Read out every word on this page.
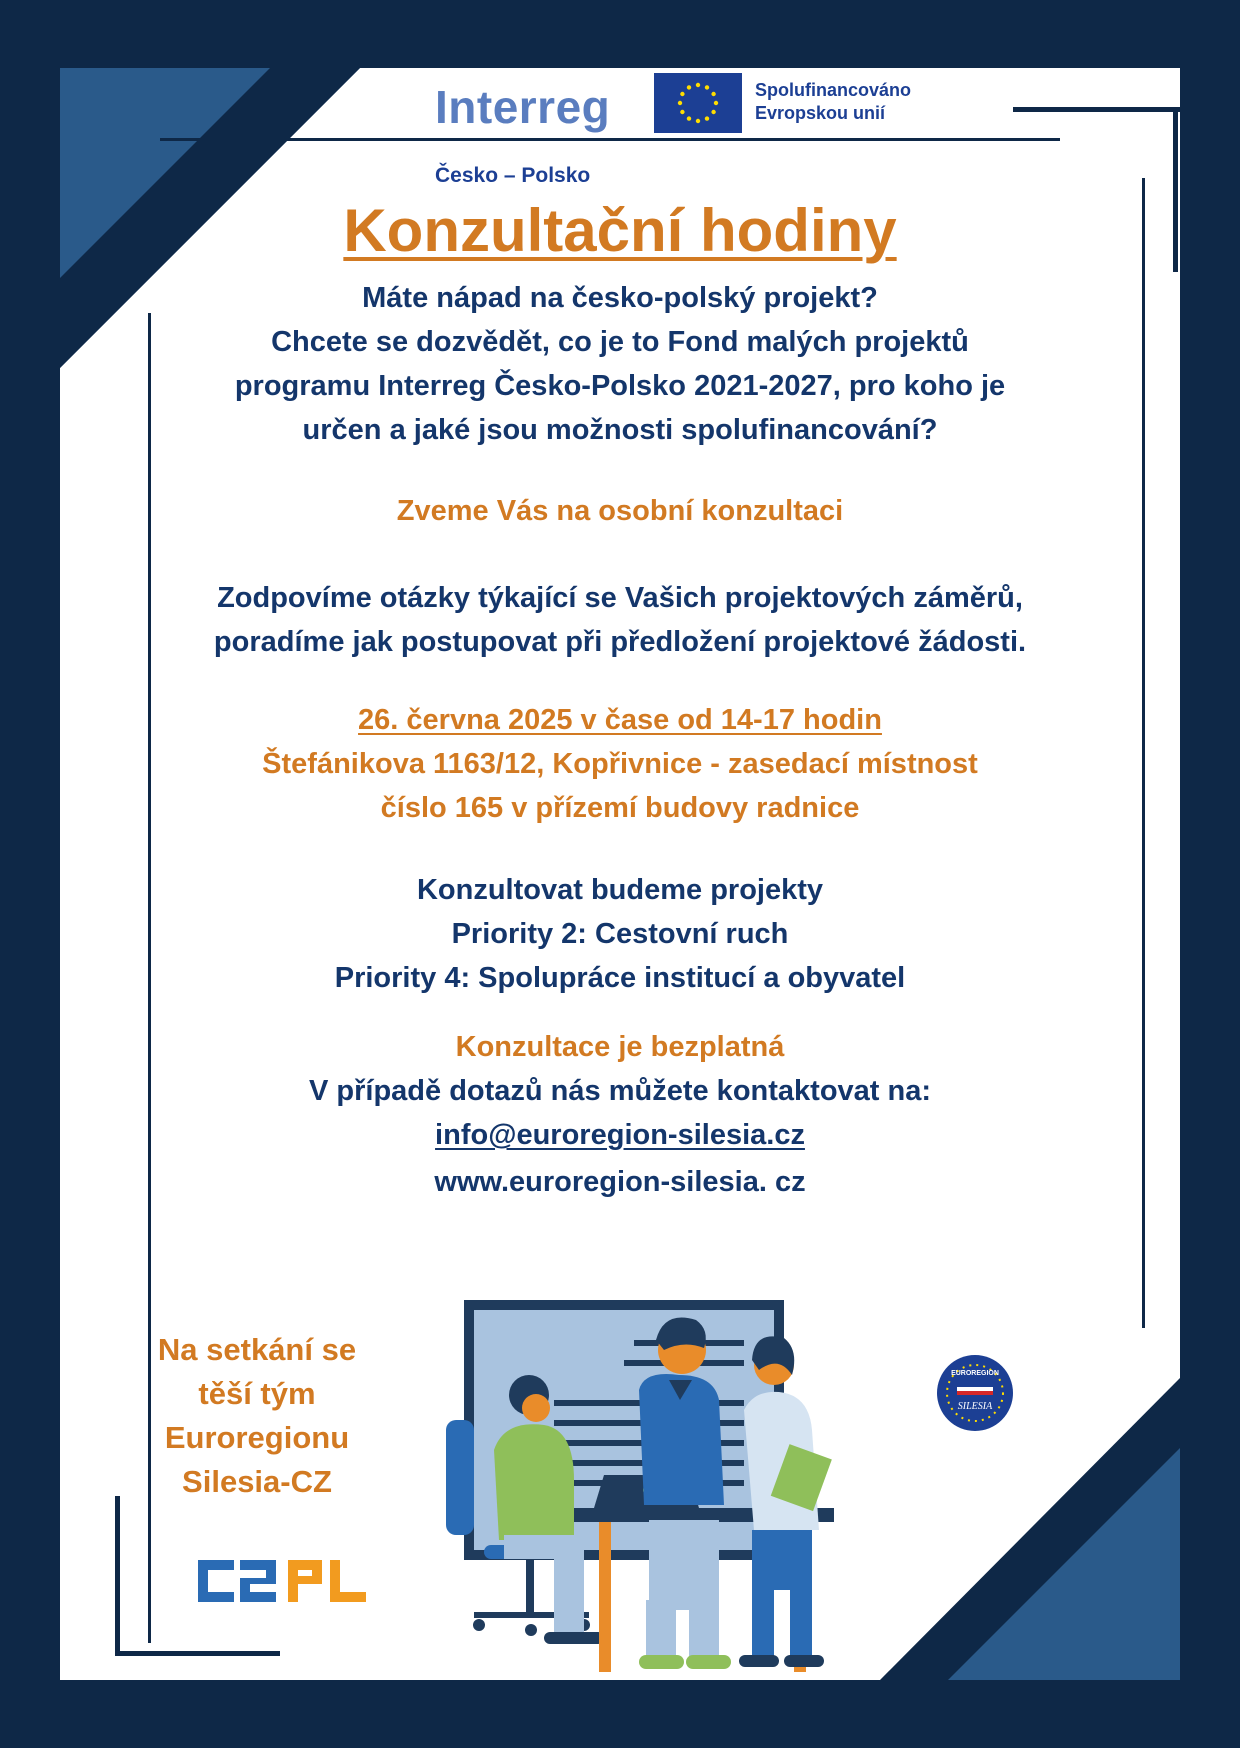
Interreg	Spolufinancováno
Evropskou unií
Česko – Polsko
Konzultační hodiny
Máte nápad na česko-polský projekt?
Chcete se dozvědět, co je to Fond malých projektů
programu Interreg Česko-Polsko 2021-2027, pro koho je
určen a jaké jsou možnosti spolufinancování?
Zveme Vás na osobní konzultaci
Zodpovíme otázky týkající se Vašich projektových záměrů,
poradíme jak postupovat při předložení projektové žádosti.
26. června 2025 v čase od 14-17 hodin
Štefánikova 1163/12, Kopřivnice - zasedací místnost
číslo 165 v přízemí budovy radnice
Konzultovat budeme projekty
Priority 2: Cestovní ruch
Priority 4: Spolupráce institucí a obyvatel
Konzultace je bezplatná
V případě dotazů nás můžete kontaktovat na:
info@euroregion-silesia.cz
www.euroregion-silesia. cz
Na setkání se
těší tým
Euroregionu
Silesia-CZ
EUROREGION
SILESIA
